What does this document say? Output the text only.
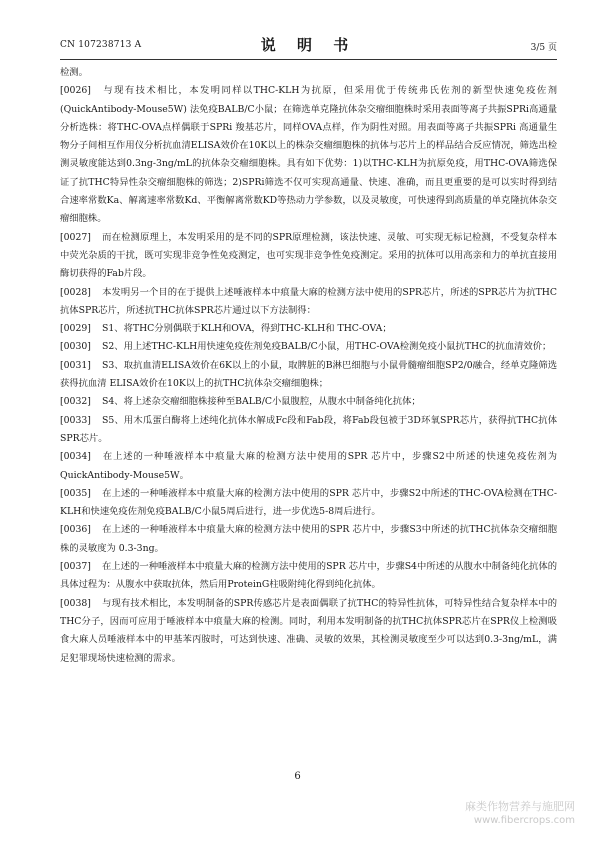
CN 107238713 A	说 明 书	3/5 页
检测。
[0026] 与现有技术相比，本发明同样以THC-KLH为抗原，但采用优于传统弗氏佐剂的新型快速免疫佐剂(QuickAntibody-Mouse5W) 法免疫BALB/C小鼠；在筛选单克隆抗体杂交瘤细胞株时采用表面等离子共振SPRi高通量分析选株：将THC-OVA点样偶联于SPRi 羧基芯片，同样OVA点样，作为阴性对照。用表面等离子共振SPRi 高通量生物分子间相互作用仪分析抗血清ELISA效价在10K以上的株杂交瘤细胞株的抗体与芯片上的样品结合反应情况，筛选出检测灵敏度能达到0.3ng-3ng/mL的抗体杂交瘤细胞株。具有如下优势：1)以THC-KLH为抗原免疫，用THC-OVA筛选保证了抗THC特异性杂交瘤细胞株的筛选；2)SPRi筛选不仅可实现高通量、快速、准确，而且更重要的是可以实时得到结合速率常数Ka、解离速率常数Kd、平衡解离常数KD等热动力学参数，以及灵敏度，可快速得到高质量的单克隆抗体杂交瘤细胞株。
[0027] 而在检测原理上，本发明采用的是不同的SPR原理检测，该法快速、灵敏、可实现无标记检测，不受复杂样本中荧光杂质的干扰，既可实现非竞争性免疫测定，也可实现非竞争性免疫测定。采用的抗体可以用高亲和力的单抗直接用酶切获得的Fab片段。
[0028] 本发明另一个目的在于提供上述唾液样本中痕量大麻的检测方法中使用的SPR芯片，所述的SPR芯片为抗THC抗体SPR芯片，所述抗THC抗体SPR芯片通过以下方法制得：
[0029] S1、将THC分别偶联于KLH和OVA，得到THC-KLH和 THC-OVA；
[0030] S2、用上述THC-KLH用快速免疫佐剂免疫BALB/C小鼠，用THC-OVA检测免疫小鼠抗THC的抗血清效价；
[0031] S3、取抗血清ELISA效价在6K以上的小鼠，取脾脏的B淋巴细胞与小鼠骨髓瘤细胞SP2/0融合，经单克隆筛选获得抗血清 ELISA效价在10K以上的抗THC抗体杂交瘤细胞株；
[0032] S4、将上述杂交瘤细胞株接种至BALB/C小鼠腹腔，从腹水中制备纯化抗体；
[0033] S5、用木瓜蛋白酶将上述纯化抗体水解成Fc段和Fab段，将Fab段包被于3D环氧SPR芯片，获得抗THC抗体SPR芯片。
[0034] 在上述的一种唾液样本中痕量大麻的检测方法中使用的SPR 芯片中，步骤S2中所述的快速免疫佐剂为 QuickAntibody-Mouse5W。
[0035] 在上述的一种唾液样本中痕量大麻的检测方法中使用的SPR 芯片中，步骤S2中所述的THC-OVA检测在THC-KLH和快速免疫佐剂免疫BALB/C小鼠5周后进行，进一步优选5-8周后进行。
[0036] 在上述的一种唾液样本中痕量大麻的检测方法中使用的SPR 芯片中，步骤S3中所述的抗THC抗体杂交瘤细胞株的灵敏度为 0.3-3ng。
[0037] 在上述的一种唾液样本中痕量大麻的检测方法中使用的SPR 芯片中，步骤S4中所述的从腹水中制备纯化抗体的具体过程为：从腹水中获取抗体，然后用ProteinG柱吸附纯化得到纯化抗体。
[0038] 与现有技术相比，本发明制备的SPR传感芯片是表面偶联了抗THC的特异性抗体，可特异性结合复杂样本中的THC分子，因而可应用于唾液样本中痕量大麻的检测。同时，利用本发明制备的抗THC抗体SPR芯片在SPR仪上检测吸食大麻人员唾液样本中的甲基苯丙胺时，可达到快速、准确、灵敏的效果，其检测灵敏度至少可以达到0.3-3ng/mL，满足犯罪现场快速检测的需求。
6
麻类作物营养与施肥网
www.fibercrops.com
